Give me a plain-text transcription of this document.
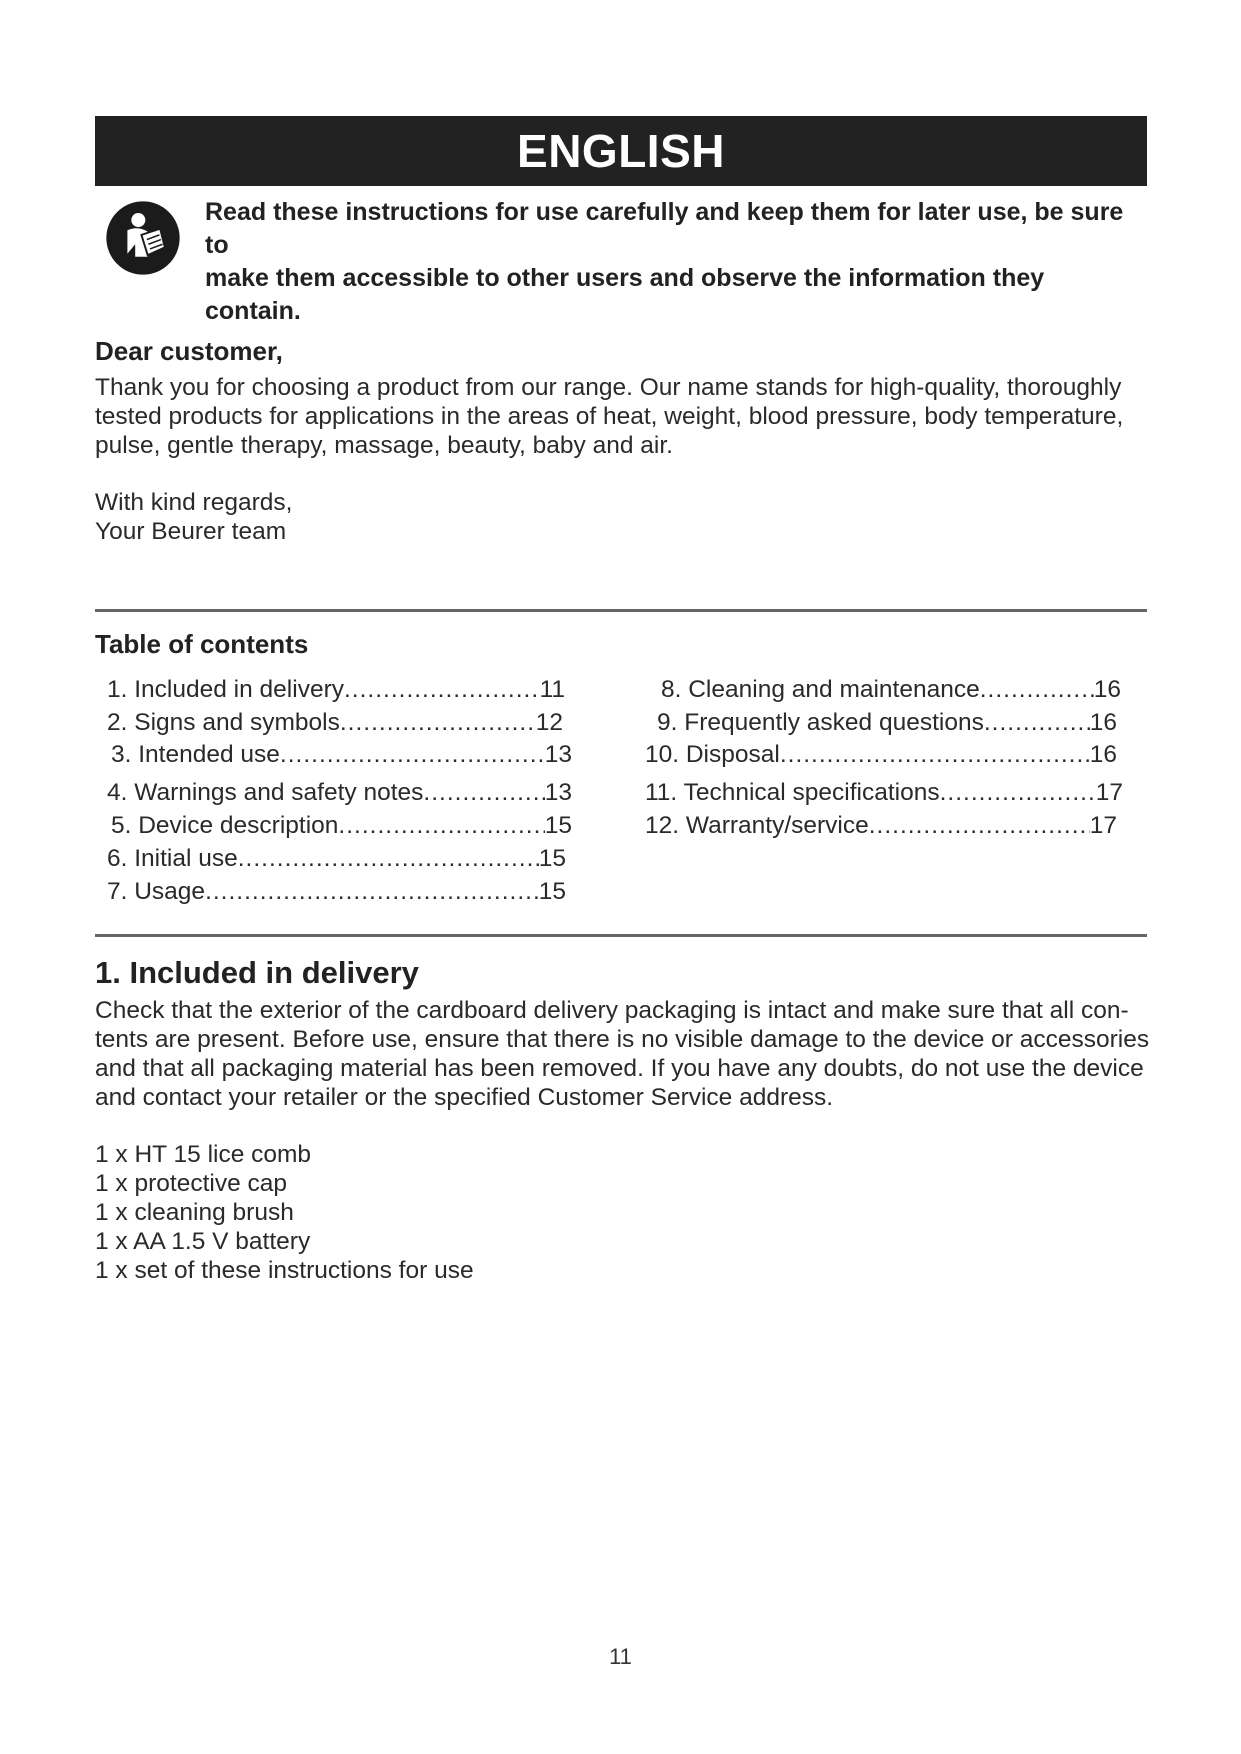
ENGLISH
Read these instructions for use carefully and keep them for later use, be sure to
make them accessible to other users and observe the information they contain.
Dear customer,
Thank you for choosing a product from our range. Our name stands for high-quality, thoroughly
tested products for applications in the areas of heat, weight, blood pressure, body temperature,
pulse, gentle therapy, massage, beauty, baby and air.
With kind regards,
Your Beurer team
Table of contents
1. Included in delivery .....	11
2. Signs and symbols .....	12
3. Intended use .....	13
4. Warnings and safety notes .....	13
5. Device description .....	15
6. Initial use .....	15
7. Usage .....	15
8. Cleaning and maintenance .....	16
9. Frequently asked questions .....	16
10. Disposal .....	16
11. Technical specifications .....	17
12. Warranty/service .....	17
1. Included in delivery
Check that the exterior of the cardboard delivery packaging is intact and make sure that all con-
tents are present. Before use, ensure that there is no visible damage to the device or accessories
and that all packaging material has been removed. If you have any doubts, do not use the device
and contact your retailer or the specified Customer Service address.
1 x HT 15 lice comb
1 x protective cap
1 x cleaning brush
1 x AA 1.5 V battery
1 x set of these instructions for use
11
